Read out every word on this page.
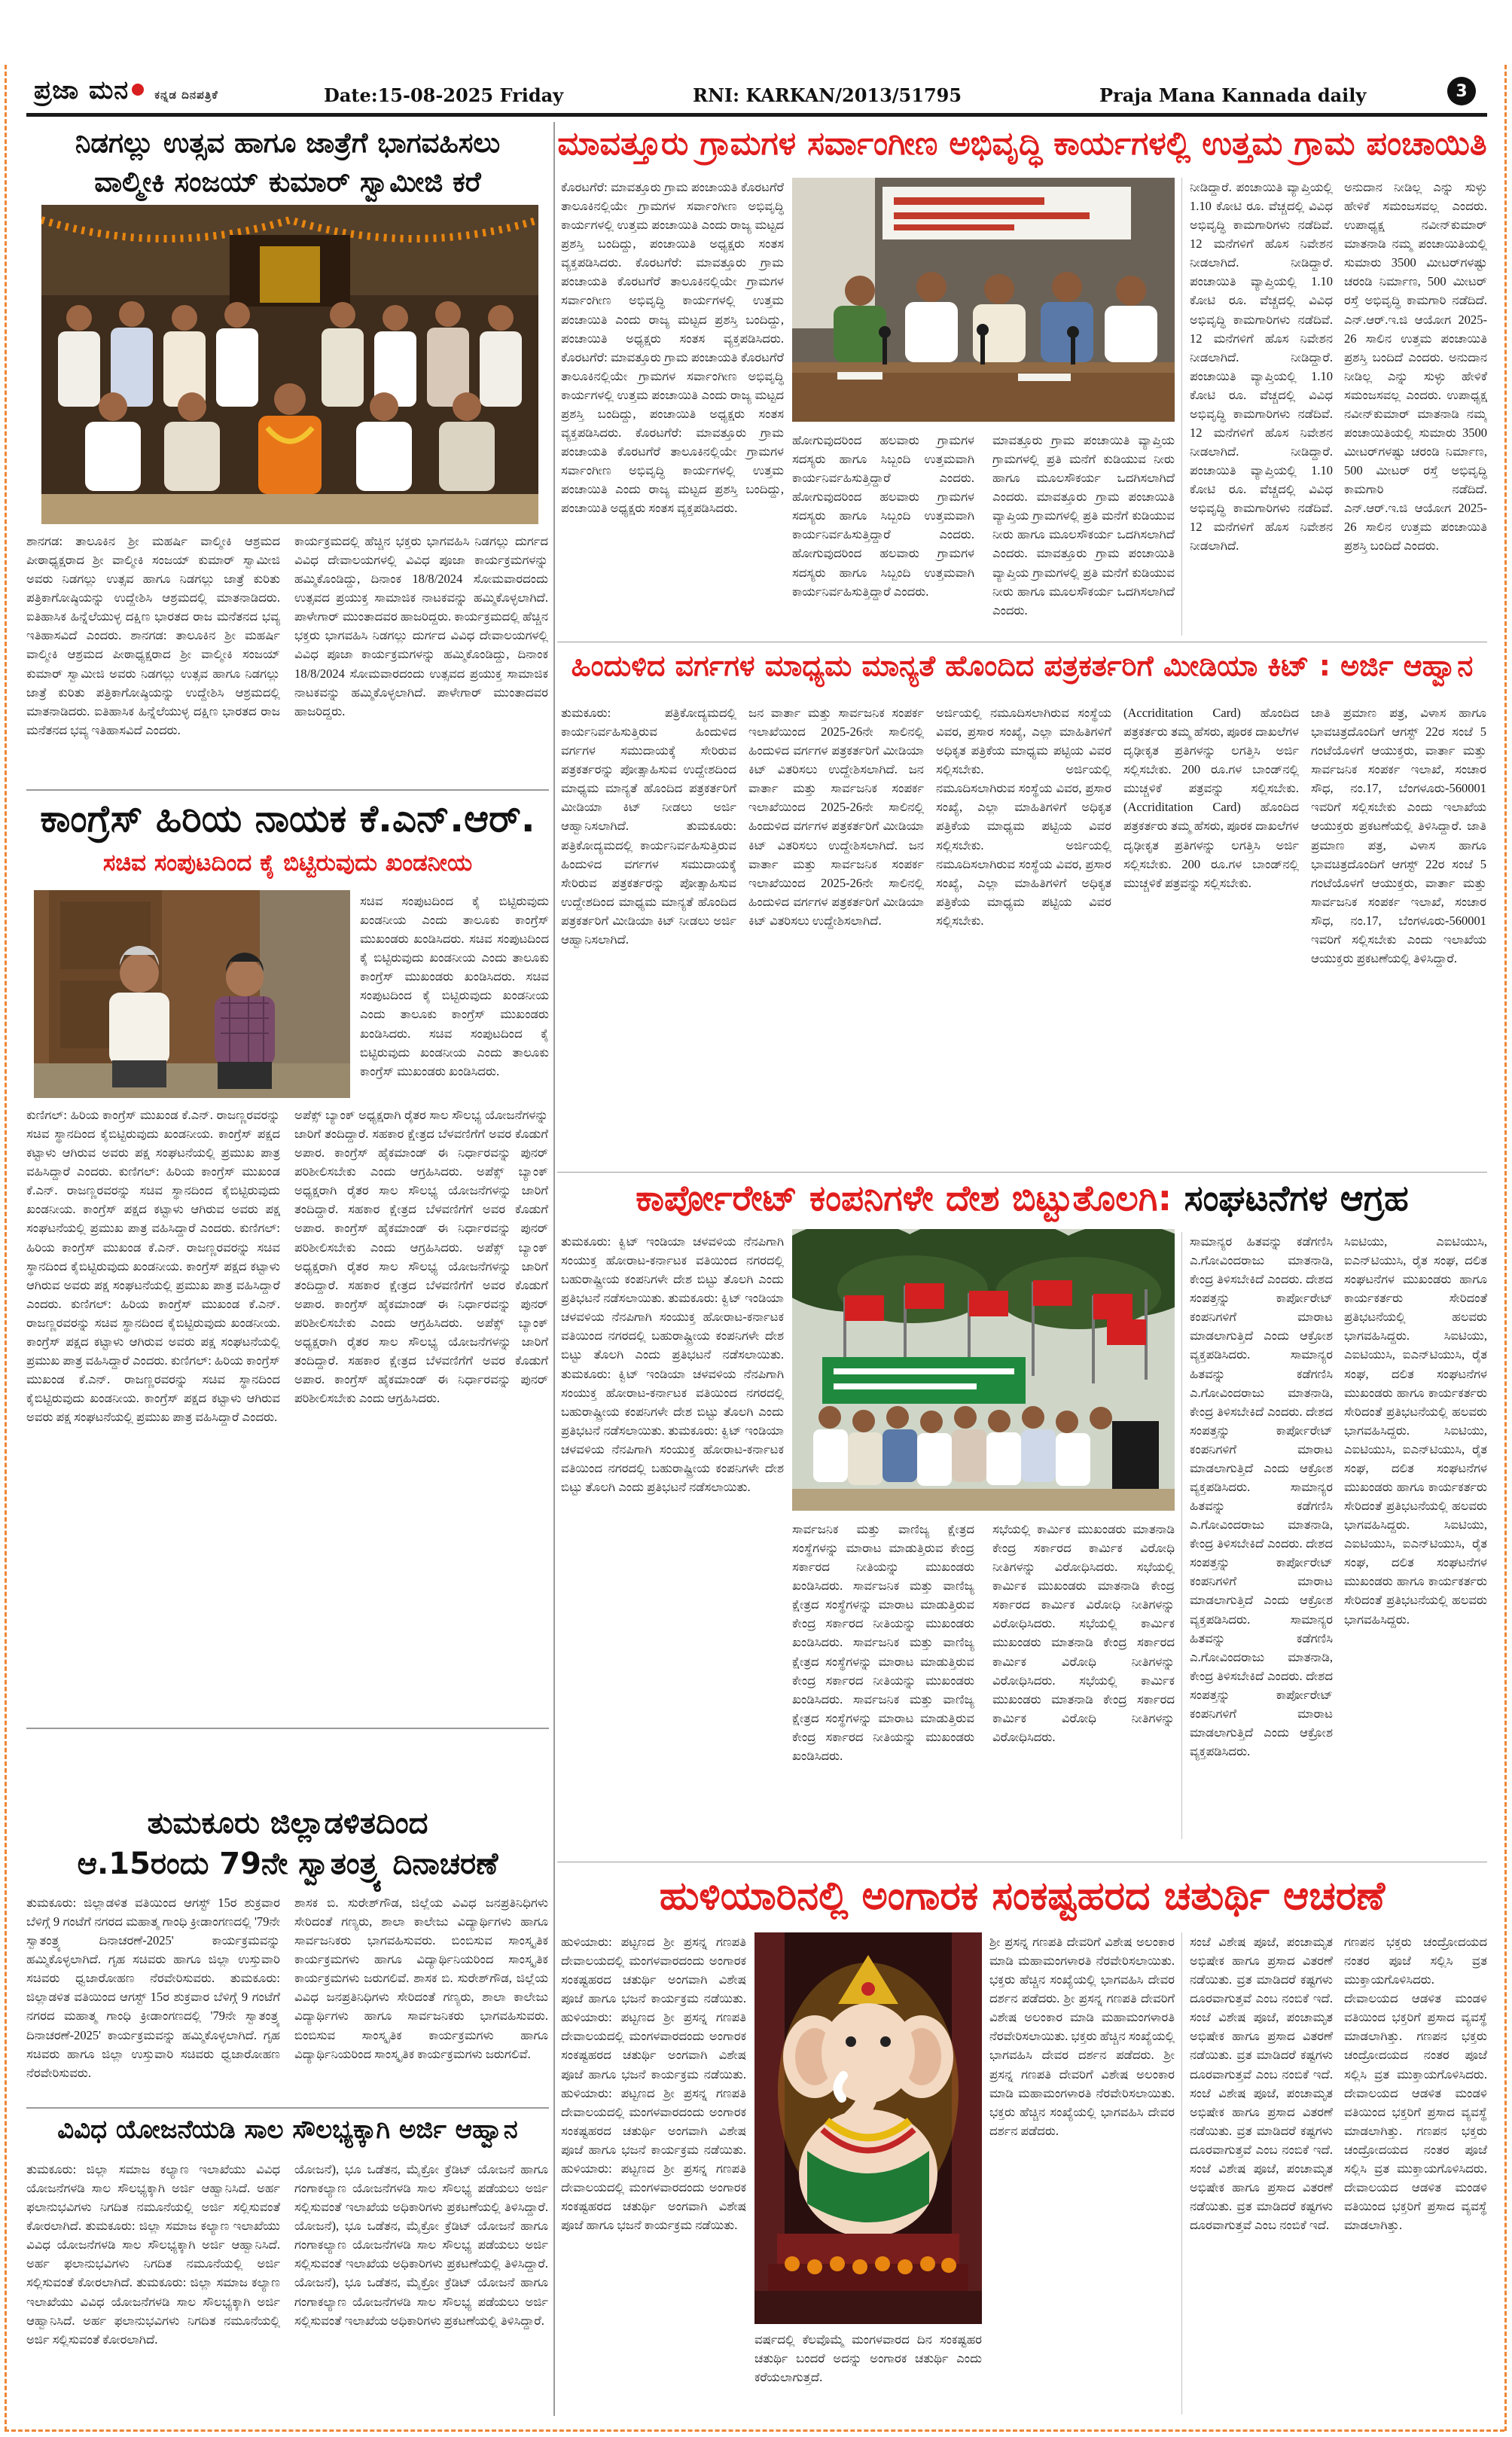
ಪ್ರಜಾ ಮನ ಕನ್ನಡ ದಿನಪತ್ರಿಕೆ	Date:15-08-2025 Friday	RNI: KARKAN/2013/51795	Praja Mana Kannada daily	3
ನಿಡಗಲ್ಲು ಉತ್ಸವ ಹಾಗೂ ಜಾತ್ರೆಗೆ ಭಾಗವಹಿಸಲು
ವಾಲ್ಮೀಕಿ ಸಂಜಯ್ ಕುಮಾರ್ ಸ್ವಾಮೀಜಿ ಕರೆ
ಶಾನಗಡ: ತಾಲೂಕಿನ ಶ್ರೀ ಮಹರ್ಷಿ ವಾಲ್ಮೀಕಿ ಆಶ್ರಮದ ಪೀಠಾಧ್ಯಕ್ಷರಾದ ಶ್ರೀ ವಾಲ್ಮೀಕಿ ಸಂಜಯ್ ಕುಮಾರ್ ಸ್ವಾಮೀಜಿ ಅವರು ನಿಡಗಲ್ಲು ಉತ್ಸವ ಹಾಗೂ ನಿಡಗಲ್ಲು ಜಾತ್ರೆ ಕುರಿತು ಪತ್ರಿಕಾಗೋಷ್ಠಿಯನ್ನು ಉದ್ದೇಶಿಸಿ ಆಶ್ರಮದಲ್ಲಿ ಮಾತನಾಡಿದರು. ಐತಿಹಾಸಿಕ ಹಿನ್ನೆಲೆಯುಳ್ಳ ದಕ್ಷಿಣ ಭಾರತದ ರಾಜ ಮನೆತನದ ಭವ್ಯ ಇತಿಹಾಸವಿದೆ ಎಂದರು. ಶಾನಗಡ: ತಾಲೂಕಿನ ಶ್ರೀ ಮಹರ್ಷಿ ವಾಲ್ಮೀಕಿ ಆಶ್ರಮದ ಪೀಠಾಧ್ಯಕ್ಷರಾದ ಶ್ರೀ ವಾಲ್ಮೀಕಿ ಸಂಜಯ್ ಕುಮಾರ್ ಸ್ವಾಮೀಜಿ ಅವರು ನಿಡಗಲ್ಲು ಉತ್ಸವ ಹಾಗೂ ನಿಡಗಲ್ಲು ಜಾತ್ರೆ ಕುರಿತು ಪತ್ರಿಕಾಗೋಷ್ಠಿಯನ್ನು ಉದ್ದೇಶಿಸಿ ಆಶ್ರಮದಲ್ಲಿ ಮಾತನಾಡಿದರು. ಐತಿಹಾಸಿಕ ಹಿನ್ನೆಲೆಯುಳ್ಳ ದಕ್ಷಿಣ ಭಾರತದ ರಾಜ ಮನೆತನದ ಭವ್ಯ ಇತಿಹಾಸವಿದೆ ಎಂದರು.
ಕಾರ್ಯಕ್ರಮದಲ್ಲಿ ಹೆಚ್ಚಿನ ಭಕ್ತರು ಭಾಗವಹಿಸಿ ನಿಡಗಲ್ಲು ದುರ್ಗದ ವಿವಿಧ ದೇವಾಲಯಗಳಲ್ಲಿ ವಿವಿಧ ಪೂಜಾ ಕಾರ್ಯಕ್ರಮಗಳನ್ನು ಹಮ್ಮಿಕೊಂಡಿದ್ದು, ದಿನಾಂಕ 18/8/2024 ಸೋಮವಾರದಂದು ಉತ್ಸವದ ಪ್ರಯುಕ್ತ ಸಾಮಾಜಿಕ ನಾಟಕವನ್ನು ಹಮ್ಮಿಕೊಳ್ಳಲಾಗಿದೆ. ಪಾಳೇಗಾರ್ ಮುಂತಾದವರ ಹಾಜರಿದ್ದರು. ಕಾರ್ಯಕ್ರಮದಲ್ಲಿ ಹೆಚ್ಚಿನ ಭಕ್ತರು ಭಾಗವಹಿಸಿ ನಿಡಗಲ್ಲು ದುರ್ಗದ ವಿವಿಧ ದೇವಾಲಯಗಳಲ್ಲಿ ವಿವಿಧ ಪೂಜಾ ಕಾರ್ಯಕ್ರಮಗಳನ್ನು ಹಮ್ಮಿಕೊಂಡಿದ್ದು, ದಿನಾಂಕ 18/8/2024 ಸೋಮವಾರದಂದು ಉತ್ಸವದ ಪ್ರಯುಕ್ತ ಸಾಮಾಜಿಕ ನಾಟಕವನ್ನು ಹಮ್ಮಿಕೊಳ್ಳಲಾಗಿದೆ. ಪಾಳೇಗಾರ್ ಮುಂತಾದವರ ಹಾಜರಿದ್ದರು.
ಕಾಂಗ್ರೆಸ್ ಹಿರಿಯ ನಾಯಕ ಕೆ.ಎನ್.ಆರ್.
ಸಚಿವ ಸಂಪುಟದಿಂದ ಕೈ ಬಿಟ್ಟಿರುವುದು ಖಂಡನೀಯ
ಸಚಿವ ಸಂಪುಟದಿಂದ ಕೈ ಬಿಟ್ಟಿರುವುದು ಖಂಡನೀಯ ಎಂದು ತಾಲೂಕು ಕಾಂಗ್ರೆಸ್ ಮುಖಂಡರು ಖಂಡಿಸಿದರು. ಸಚಿವ ಸಂಪುಟದಿಂದ ಕೈ ಬಿಟ್ಟಿರುವುದು ಖಂಡನೀಯ ಎಂದು ತಾಲೂಕು ಕಾಂಗ್ರೆಸ್ ಮುಖಂಡರು ಖಂಡಿಸಿದರು. ಸಚಿವ ಸಂಪುಟದಿಂದ ಕೈ ಬಿಟ್ಟಿರುವುದು ಖಂಡನೀಯ ಎಂದು ತಾಲೂಕು ಕಾಂಗ್ರೆಸ್ ಮುಖಂಡರು ಖಂಡಿಸಿದರು. ಸಚಿವ ಸಂಪುಟದಿಂದ ಕೈ ಬಿಟ್ಟಿರುವುದು ಖಂಡನೀಯ ಎಂದು ತಾಲೂಕು ಕಾಂಗ್ರೆಸ್ ಮುಖಂಡರು ಖಂಡಿಸಿದರು.
ಕುಣಿಗಲ್: ಹಿರಿಯ ಕಾಂಗ್ರೆಸ್ ಮುಖಂಡ ಕೆ.ಎನ್. ರಾಜಣ್ಣರವರನ್ನು ಸಚಿವ ಸ್ಥಾನದಿಂದ ಕೈಬಿಟ್ಟಿರುವುದು ಖಂಡನೀಯ. ಕಾಂಗ್ರೆಸ್ ಪಕ್ಷದ ಕಟ್ಟಾಳು ಆಗಿರುವ ಅವರು ಪಕ್ಷ ಸಂಘಟನೆಯಲ್ಲಿ ಪ್ರಮುಖ ಪಾತ್ರ ವಹಿಸಿದ್ದಾರೆ ಎಂದರು. ಕುಣಿಗಲ್: ಹಿರಿಯ ಕಾಂಗ್ರೆಸ್ ಮುಖಂಡ ಕೆ.ಎನ್. ರಾಜಣ್ಣರವರನ್ನು ಸಚಿವ ಸ್ಥಾನದಿಂದ ಕೈಬಿಟ್ಟಿರುವುದು ಖಂಡನೀಯ. ಕಾಂಗ್ರೆಸ್ ಪಕ್ಷದ ಕಟ್ಟಾಳು ಆಗಿರುವ ಅವರು ಪಕ್ಷ ಸಂಘಟನೆಯಲ್ಲಿ ಪ್ರಮುಖ ಪಾತ್ರ ವಹಿಸಿದ್ದಾರೆ ಎಂದರು. ಕುಣಿಗಲ್: ಹಿರಿಯ ಕಾಂಗ್ರೆಸ್ ಮುಖಂಡ ಕೆ.ಎನ್. ರಾಜಣ್ಣರವರನ್ನು ಸಚಿವ ಸ್ಥಾನದಿಂದ ಕೈಬಿಟ್ಟಿರುವುದು ಖಂಡನೀಯ. ಕಾಂಗ್ರೆಸ್ ಪಕ್ಷದ ಕಟ್ಟಾಳು ಆಗಿರುವ ಅವರು ಪಕ್ಷ ಸಂಘಟನೆಯಲ್ಲಿ ಪ್ರಮುಖ ಪಾತ್ರ ವಹಿಸಿದ್ದಾರೆ ಎಂದರು. ಕುಣಿಗಲ್: ಹಿರಿಯ ಕಾಂಗ್ರೆಸ್ ಮುಖಂಡ ಕೆ.ಎನ್. ರಾಜಣ್ಣರವರನ್ನು ಸಚಿವ ಸ್ಥಾನದಿಂದ ಕೈಬಿಟ್ಟಿರುವುದು ಖಂಡನೀಯ. ಕಾಂಗ್ರೆಸ್ ಪಕ್ಷದ ಕಟ್ಟಾಳು ಆಗಿರುವ ಅವರು ಪಕ್ಷ ಸಂಘಟನೆಯಲ್ಲಿ ಪ್ರಮುಖ ಪಾತ್ರ ವಹಿಸಿದ್ದಾರೆ ಎಂದರು. ಕುಣಿಗಲ್: ಹಿರಿಯ ಕಾಂಗ್ರೆಸ್ ಮುಖಂಡ ಕೆ.ಎನ್. ರಾಜಣ್ಣರವರನ್ನು ಸಚಿವ ಸ್ಥಾನದಿಂದ ಕೈಬಿಟ್ಟಿರುವುದು ಖಂಡನೀಯ. ಕಾಂಗ್ರೆಸ್ ಪಕ್ಷದ ಕಟ್ಟಾಳು ಆಗಿರುವ ಅವರು ಪಕ್ಷ ಸಂಘಟನೆಯಲ್ಲಿ ಪ್ರಮುಖ ಪಾತ್ರ ವಹಿಸಿದ್ದಾರೆ ಎಂದರು.
ಅಪೆಕ್ಸ್ ಬ್ಯಾಂಕ್ ಅಧ್ಯಕ್ಷರಾಗಿ ರೈತರ ಸಾಲ ಸೌಲಭ್ಯ ಯೋಜನೆಗಳನ್ನು ಜಾರಿಗೆ ತಂದಿದ್ದಾರೆ. ಸಹಕಾರ ಕ್ಷೇತ್ರದ ಬೆಳವಣಿಗೆಗೆ ಅವರ ಕೊಡುಗೆ ಅಪಾರ. ಕಾಂಗ್ರೆಸ್ ಹೈಕಮಾಂಡ್ ಈ ನಿರ್ಧಾರವನ್ನು ಪುನರ್ ಪರಿಶೀಲಿಸಬೇಕು ಎಂದು ಆಗ್ರಹಿಸಿದರು. ಅಪೆಕ್ಸ್ ಬ್ಯಾಂಕ್ ಅಧ್ಯಕ್ಷರಾಗಿ ರೈತರ ಸಾಲ ಸೌಲಭ್ಯ ಯೋಜನೆಗಳನ್ನು ಜಾರಿಗೆ ತಂದಿದ್ದಾರೆ. ಸಹಕಾರ ಕ್ಷೇತ್ರದ ಬೆಳವಣಿಗೆಗೆ ಅವರ ಕೊಡುಗೆ ಅಪಾರ. ಕಾಂಗ್ರೆಸ್ ಹೈಕಮಾಂಡ್ ಈ ನಿರ್ಧಾರವನ್ನು ಪುನರ್ ಪರಿಶೀಲಿಸಬೇಕು ಎಂದು ಆಗ್ರಹಿಸಿದರು. ಅಪೆಕ್ಸ್ ಬ್ಯಾಂಕ್ ಅಧ್ಯಕ್ಷರಾಗಿ ರೈತರ ಸಾಲ ಸೌಲಭ್ಯ ಯೋಜನೆಗಳನ್ನು ಜಾರಿಗೆ ತಂದಿದ್ದಾರೆ. ಸಹಕಾರ ಕ್ಷೇತ್ರದ ಬೆಳವಣಿಗೆಗೆ ಅವರ ಕೊಡುಗೆ ಅಪಾರ. ಕಾಂಗ್ರೆಸ್ ಹೈಕಮಾಂಡ್ ಈ ನಿರ್ಧಾರವನ್ನು ಪುನರ್ ಪರಿಶೀಲಿಸಬೇಕು ಎಂದು ಆಗ್ರಹಿಸಿದರು. ಅಪೆಕ್ಸ್ ಬ್ಯಾಂಕ್ ಅಧ್ಯಕ್ಷರಾಗಿ ರೈತರ ಸಾಲ ಸೌಲಭ್ಯ ಯೋಜನೆಗಳನ್ನು ಜಾರಿಗೆ ತಂದಿದ್ದಾರೆ. ಸಹಕಾರ ಕ್ಷೇತ್ರದ ಬೆಳವಣಿಗೆಗೆ ಅವರ ಕೊಡುಗೆ ಅಪಾರ. ಕಾಂಗ್ರೆಸ್ ಹೈಕಮಾಂಡ್ ಈ ನಿರ್ಧಾರವನ್ನು ಪುನರ್ ಪರಿಶೀಲಿಸಬೇಕು ಎಂದು ಆಗ್ರಹಿಸಿದರು.
ತುಮಕೂರು ಜಿಲ್ಲಾಡಳಿತದಿಂದ
ಆ.15ರಂದು 79ನೇ ಸ್ವಾತಂತ್ರ್ಯ ದಿನಾಚರಣೆ
ತುಮಕೂರು: ಜಿಲ್ಲಾಡಳಿತ ವತಿಯಿಂದ ಆಗಸ್ಟ್ 15ರ ಶುಕ್ರವಾರ ಬೆಳಿಗ್ಗೆ 9 ಗಂಟೆಗೆ ನಗರದ ಮಹಾತ್ಮ ಗಾಂಧಿ ಕ್ರೀಡಾಂಗಣದಲ್ಲಿ '79ನೇ ಸ್ವಾತಂತ್ರ್ಯ ದಿನಾಚರಣೆ-2025' ಕಾರ್ಯಕ್ರಮವನ್ನು ಹಮ್ಮಿಕೊಳ್ಳಲಾಗಿದೆ. ಗೃಹ ಸಚಿವರು ಹಾಗೂ ಜಿಲ್ಲಾ ಉಸ್ತುವಾರಿ ಸಚಿವರು ಧ್ವಜಾರೋಹಣ ನೆರವೇರಿಸುವರು. ತುಮಕೂರು: ಜಿಲ್ಲಾಡಳಿತ ವತಿಯಿಂದ ಆಗಸ್ಟ್ 15ರ ಶುಕ್ರವಾರ ಬೆಳಿಗ್ಗೆ 9 ಗಂಟೆಗೆ ನಗರದ ಮಹಾತ್ಮ ಗಾಂಧಿ ಕ್ರೀಡಾಂಗಣದಲ್ಲಿ '79ನೇ ಸ್ವಾತಂತ್ರ್ಯ ದಿನಾಚರಣೆ-2025' ಕಾರ್ಯಕ್ರಮವನ್ನು ಹಮ್ಮಿಕೊಳ್ಳಲಾಗಿದೆ. ಗೃಹ ಸಚಿವರು ಹಾಗೂ ಜಿಲ್ಲಾ ಉಸ್ತುವಾರಿ ಸಚಿವರು ಧ್ವಜಾರೋಹಣ ನೆರವೇರಿಸುವರು.
ಶಾಸಕ ಬಿ. ಸುರೇಶ್‌ಗೌಡ, ಜಿಲ್ಲೆಯ ವಿವಿಧ ಜನಪ್ರತಿನಿಧಿಗಳು ಸೇರಿದಂತೆ ಗಣ್ಯರು, ಶಾಲಾ ಕಾಲೇಜು ವಿದ್ಯಾರ್ಥಿಗಳು ಹಾಗೂ ಸಾರ್ವಜನಿಕರು ಭಾಗವಹಿಸುವರು. ಬಿಂಬಿಸುವ ಸಾಂಸ್ಕೃತಿಕ ಕಾರ್ಯಕ್ರಮಗಳು ಹಾಗೂ ವಿದ್ಯಾರ್ಥಿನಿಯರಿಂದ ಸಾಂಸ್ಕೃತಿಕ ಕಾರ್ಯಕ್ರಮಗಳು ಜರುಗಲಿವೆ. ಶಾಸಕ ಬಿ. ಸುರೇಶ್‌ಗೌಡ, ಜಿಲ್ಲೆಯ ವಿವಿಧ ಜನಪ್ರತಿನಿಧಿಗಳು ಸೇರಿದಂತೆ ಗಣ್ಯರು, ಶಾಲಾ ಕಾಲೇಜು ವಿದ್ಯಾರ್ಥಿಗಳು ಹಾಗೂ ಸಾರ್ವಜನಿಕರು ಭಾಗವಹಿಸುವರು. ಬಿಂಬಿಸುವ ಸಾಂಸ್ಕೃತಿಕ ಕಾರ್ಯಕ್ರಮಗಳು ಹಾಗೂ ವಿದ್ಯಾರ್ಥಿನಿಯರಿಂದ ಸಾಂಸ್ಕೃತಿಕ ಕಾರ್ಯಕ್ರಮಗಳು ಜರುಗಲಿವೆ.
ವಿವಿಧ ಯೋಜನೆಯಡಿ ಸಾಲ ಸೌಲಭ್ಯಕ್ಕಾಗಿ ಅರ್ಜಿ ಆಹ್ವಾನ
ತುಮಕೂರು: ಜಿಲ್ಲಾ ಸಮಾಜ ಕಲ್ಯಾಣ ಇಲಾಖೆಯು ವಿವಿಧ ಯೋಜನೆಗಳಡಿ ಸಾಲ ಸೌಲಭ್ಯಕ್ಕಾಗಿ ಅರ್ಜಿ ಆಹ್ವಾನಿಸಿದೆ. ಅರ್ಹ ಫಲಾನುಭವಿಗಳು ನಿಗದಿತ ನಮೂನೆಯಲ್ಲಿ ಅರ್ಜಿ ಸಲ್ಲಿಸುವಂತೆ ಕೋರಲಾಗಿದೆ. ತುಮಕೂರು: ಜಿಲ್ಲಾ ಸಮಾಜ ಕಲ್ಯಾಣ ಇಲಾಖೆಯು ವಿವಿಧ ಯೋಜನೆಗಳಡಿ ಸಾಲ ಸೌಲಭ್ಯಕ್ಕಾಗಿ ಅರ್ಜಿ ಆಹ್ವಾನಿಸಿದೆ. ಅರ್ಹ ಫಲಾನುಭವಿಗಳು ನಿಗದಿತ ನಮೂನೆಯಲ್ಲಿ ಅರ್ಜಿ ಸಲ್ಲಿಸುವಂತೆ ಕೋರಲಾಗಿದೆ. ತುಮಕೂರು: ಜಿಲ್ಲಾ ಸಮಾಜ ಕಲ್ಯಾಣ ಇಲಾಖೆಯು ವಿವಿಧ ಯೋಜನೆಗಳಡಿ ಸಾಲ ಸೌಲಭ್ಯಕ್ಕಾಗಿ ಅರ್ಜಿ ಆಹ್ವಾನಿಸಿದೆ. ಅರ್ಹ ಫಲಾನುಭವಿಗಳು ನಿಗದಿತ ನಮೂನೆಯಲ್ಲಿ ಅರ್ಜಿ ಸಲ್ಲಿಸುವಂತೆ ಕೋರಲಾಗಿದೆ.
ಯೋಜನೆ), ಭೂ ಒಡೆತನ, ಮೈಕ್ರೋ ಕ್ರೆಡಿಟ್ ಯೋಜನೆ ಹಾಗೂ ಗಂಗಾಕಲ್ಯಾಣ ಯೋಜನೆಗಳಡಿ ಸಾಲ ಸೌಲಭ್ಯ ಪಡೆಯಲು ಅರ್ಜಿ ಸಲ್ಲಿಸುವಂತೆ ಇಲಾಖೆಯ ಅಧಿಕಾರಿಗಳು ಪ್ರಕಟಣೆಯಲ್ಲಿ ತಿಳಿಸಿದ್ದಾರೆ. ಯೋಜನೆ), ಭೂ ಒಡೆತನ, ಮೈಕ್ರೋ ಕ್ರೆಡಿಟ್ ಯೋಜನೆ ಹಾಗೂ ಗಂಗಾಕಲ್ಯಾಣ ಯೋಜನೆಗಳಡಿ ಸಾಲ ಸೌಲಭ್ಯ ಪಡೆಯಲು ಅರ್ಜಿ ಸಲ್ಲಿಸುವಂತೆ ಇಲಾಖೆಯ ಅಧಿಕಾರಿಗಳು ಪ್ರಕಟಣೆಯಲ್ಲಿ ತಿಳಿಸಿದ್ದಾರೆ. ಯೋಜನೆ), ಭೂ ಒಡೆತನ, ಮೈಕ್ರೋ ಕ್ರೆಡಿಟ್ ಯೋಜನೆ ಹಾಗೂ ಗಂಗಾಕಲ್ಯಾಣ ಯೋಜನೆಗಳಡಿ ಸಾಲ ಸೌಲಭ್ಯ ಪಡೆಯಲು ಅರ್ಜಿ ಸಲ್ಲಿಸುವಂತೆ ಇಲಾಖೆಯ ಅಧಿಕಾರಿಗಳು ಪ್ರಕಟಣೆಯಲ್ಲಿ ತಿಳಿಸಿದ್ದಾರೆ.
ಮಾವತ್ತೂರು ಗ್ರಾಮಗಳ ಸರ್ವಾಂಗೀಣ ಅಭಿವೃದ್ಧಿ ಕಾರ್ಯಗಳಲ್ಲಿ ಉತ್ತಮ ಗ್ರಾಮ ಪಂಚಾಯಿತಿ
ಕೊರಟಗೆರೆ: ಮಾವತ್ತೂರು ಗ್ರಾಮ ಪಂಚಾಯತಿ ಕೊರಟಗೆರೆ ತಾಲೂಕಿನಲ್ಲಿಯೇ ಗ್ರಾಮಗಳ ಸರ್ವಾಂಗೀಣ ಅಭಿವೃದ್ಧಿ ಕಾರ್ಯಗಳಲ್ಲಿ ಉತ್ತಮ ಪಂಚಾಯಿತಿ ಎಂದು ರಾಜ್ಯ ಮಟ್ಟದ ಪ್ರಶಸ್ತಿ ಬಂದಿದ್ದು, ಪಂಚಾಯಿತಿ ಅಧ್ಯಕ್ಷರು ಸಂತಸ ವ್ಯಕ್ತಪಡಿಸಿದರು. ಕೊರಟಗೆರೆ: ಮಾವತ್ತೂರು ಗ್ರಾಮ ಪಂಚಾಯತಿ ಕೊರಟಗೆರೆ ತಾಲೂಕಿನಲ್ಲಿಯೇ ಗ್ರಾಮಗಳ ಸರ್ವಾಂಗೀಣ ಅಭಿವೃದ್ಧಿ ಕಾರ್ಯಗಳಲ್ಲಿ ಉತ್ತಮ ಪಂಚಾಯಿತಿ ಎಂದು ರಾಜ್ಯ ಮಟ್ಟದ ಪ್ರಶಸ್ತಿ ಬಂದಿದ್ದು, ಪಂಚಾಯಿತಿ ಅಧ್ಯಕ್ಷರು ಸಂತಸ ವ್ಯಕ್ತಪಡಿಸಿದರು. ಕೊರಟಗೆರೆ: ಮಾವತ್ತೂರು ಗ್ರಾಮ ಪಂಚಾಯತಿ ಕೊರಟಗೆರೆ ತಾಲೂಕಿನಲ್ಲಿಯೇ ಗ್ರಾಮಗಳ ಸರ್ವಾಂಗೀಣ ಅಭಿವೃದ್ಧಿ ಕಾರ್ಯಗಳಲ್ಲಿ ಉತ್ತಮ ಪಂಚಾಯಿತಿ ಎಂದು ರಾಜ್ಯ ಮಟ್ಟದ ಪ್ರಶಸ್ತಿ ಬಂದಿದ್ದು, ಪಂಚಾಯಿತಿ ಅಧ್ಯಕ್ಷರು ಸಂತಸ ವ್ಯಕ್ತಪಡಿಸಿದರು. ಕೊರಟಗೆರೆ: ಮಾವತ್ತೂರು ಗ್ರಾಮ ಪಂಚಾಯತಿ ಕೊರಟಗೆರೆ ತಾಲೂಕಿನಲ್ಲಿಯೇ ಗ್ರಾಮಗಳ ಸರ್ವಾಂಗೀಣ ಅಭಿವೃದ್ಧಿ ಕಾರ್ಯಗಳಲ್ಲಿ ಉತ್ತಮ ಪಂಚಾಯಿತಿ ಎಂದು ರಾಜ್ಯ ಮಟ್ಟದ ಪ್ರಶಸ್ತಿ ಬಂದಿದ್ದು, ಪಂಚಾಯಿತಿ ಅಧ್ಯಕ್ಷರು ಸಂತಸ ವ್ಯಕ್ತಪಡಿಸಿದರು.
ಹೋಗುವುದರಿಂದ ಹಲವಾರು ಗ್ರಾಮಗಳ ಸದಸ್ಯರು ಹಾಗೂ ಸಿಬ್ಬಂದಿ ಉತ್ತಮವಾಗಿ ಕಾರ್ಯನಿರ್ವಹಿಸುತ್ತಿದ್ದಾರೆ ಎಂದರು. ಹೋಗುವುದರಿಂದ ಹಲವಾರು ಗ್ರಾಮಗಳ ಸದಸ್ಯರು ಹಾಗೂ ಸಿಬ್ಬಂದಿ ಉತ್ತಮವಾಗಿ ಕಾರ್ಯನಿರ್ವಹಿಸುತ್ತಿದ್ದಾರೆ ಎಂದರು. ಹೋಗುವುದರಿಂದ ಹಲವಾರು ಗ್ರಾಮಗಳ ಸದಸ್ಯರು ಹಾಗೂ ಸಿಬ್ಬಂದಿ ಉತ್ತಮವಾಗಿ ಕಾರ್ಯನಿರ್ವಹಿಸುತ್ತಿದ್ದಾರೆ ಎಂದರು.
ಮಾವತ್ತೂರು ಗ್ರಾಮ ಪಂಚಾಯಿತಿ ವ್ಯಾಪ್ತಿಯ ಗ್ರಾಮಗಳಲ್ಲಿ ಪ್ರತಿ ಮನೆಗೆ ಕುಡಿಯುವ ನೀರು ಹಾಗೂ ಮೂಲಸೌಕರ್ಯ ಒದಗಿಸಲಾಗಿದೆ ಎಂದರು. ಮಾವತ್ತೂರು ಗ್ರಾಮ ಪಂಚಾಯಿತಿ ವ್ಯಾಪ್ತಿಯ ಗ್ರಾಮಗಳಲ್ಲಿ ಪ್ರತಿ ಮನೆಗೆ ಕುಡಿಯುವ ನೀರು ಹಾಗೂ ಮೂಲಸೌಕರ್ಯ ಒದಗಿಸಲಾಗಿದೆ ಎಂದರು. ಮಾವತ್ತೂರು ಗ್ರಾಮ ಪಂಚಾಯಿತಿ ವ್ಯಾಪ್ತಿಯ ಗ್ರಾಮಗಳಲ್ಲಿ ಪ್ರತಿ ಮನೆಗೆ ಕುಡಿಯುವ ನೀರು ಹಾಗೂ ಮೂಲಸೌಕರ್ಯ ಒದಗಿಸಲಾಗಿದೆ ಎಂದರು.
ನೀಡಿದ್ದಾರೆ. ಪಂಚಾಯಿತಿ ವ್ಯಾಪ್ತಿಯಲ್ಲಿ 1.10 ಕೋಟಿ ರೂ. ವೆಚ್ಚದಲ್ಲಿ ವಿವಿಧ ಅಭಿವೃದ್ಧಿ ಕಾಮಗಾರಿಗಳು ನಡೆದಿವೆ. 12 ಮನೆಗಳಿಗೆ ಹೊಸ ನಿವೇಶನ ನೀಡಲಾಗಿದೆ. ನೀಡಿದ್ದಾರೆ. ಪಂಚಾಯಿತಿ ವ್ಯಾಪ್ತಿಯಲ್ಲಿ 1.10 ಕೋಟಿ ರೂ. ವೆಚ್ಚದಲ್ಲಿ ವಿವಿಧ ಅಭಿವೃದ್ಧಿ ಕಾಮಗಾರಿಗಳು ನಡೆದಿವೆ. 12 ಮನೆಗಳಿಗೆ ಹೊಸ ನಿವೇಶನ ನೀಡಲಾಗಿದೆ. ನೀಡಿದ್ದಾರೆ. ಪಂಚಾಯಿತಿ ವ್ಯಾಪ್ತಿಯಲ್ಲಿ 1.10 ಕೋಟಿ ರೂ. ವೆಚ್ಚದಲ್ಲಿ ವಿವಿಧ ಅಭಿವೃದ್ಧಿ ಕಾಮಗಾರಿಗಳು ನಡೆದಿವೆ. 12 ಮನೆಗಳಿಗೆ ಹೊಸ ನಿವೇಶನ ನೀಡಲಾಗಿದೆ. ನೀಡಿದ್ದಾರೆ. ಪಂಚಾಯಿತಿ ವ್ಯಾಪ್ತಿಯಲ್ಲಿ 1.10 ಕೋಟಿ ರೂ. ವೆಚ್ಚದಲ್ಲಿ ವಿವಿಧ ಅಭಿವೃದ್ಧಿ ಕಾಮಗಾರಿಗಳು ನಡೆದಿವೆ. 12 ಮನೆಗಳಿಗೆ ಹೊಸ ನಿವೇಶನ ನೀಡಲಾಗಿದೆ.
ಅನುದಾನ ನೀಡಿಲ್ಲ ಎನ್ನು ಸುಳ್ಳು ಹೇಳಿಕೆ ಸಮಂಜಸವಲ್ಲ ಎಂದರು. ಉಪಾಧ್ಯಕ್ಷ ನವೀನ್‌ಕುಮಾರ್ ಮಾತನಾಡಿ ನಮ್ಮ ಪಂಚಾಯಿತಿಯಲ್ಲಿ ಸುಮಾರು 3500 ಮೀಟರ್‌ಗಳಷ್ಟು ಚರಂಡಿ ನಿರ್ಮಾಣ, 500 ಮೀಟರ್ ರಸ್ತೆ ಅಭಿವೃದ್ಧಿ ಕಾಮಗಾರಿ ನಡೆದಿದೆ. ಎನ್.ಆರ್.ಇ.ಜಿ ಆಯೋಗ 2025-26 ಸಾಲಿನ ಉತ್ತಮ ಪಂಚಾಯಿತಿ ಪ್ರಶಸ್ತಿ ಬಂದಿದೆ ಎಂದರು. ಅನುದಾನ ನೀಡಿಲ್ಲ ಎನ್ನು ಸುಳ್ಳು ಹೇಳಿಕೆ ಸಮಂಜಸವಲ್ಲ ಎಂದರು. ಉಪಾಧ್ಯಕ್ಷ ನವೀನ್‌ಕುಮಾರ್ ಮಾತನಾಡಿ ನಮ್ಮ ಪಂಚಾಯಿತಿಯಲ್ಲಿ ಸುಮಾರು 3500 ಮೀಟರ್‌ಗಳಷ್ಟು ಚರಂಡಿ ನಿರ್ಮಾಣ, 500 ಮೀಟರ್ ರಸ್ತೆ ಅಭಿವೃದ್ಧಿ ಕಾಮಗಾರಿ ನಡೆದಿದೆ. ಎನ್.ಆರ್.ಇ.ಜಿ ಆಯೋಗ 2025-26 ಸಾಲಿನ ಉತ್ತಮ ಪಂಚಾಯಿತಿ ಪ್ರಶಸ್ತಿ ಬಂದಿದೆ ಎಂದರು.
ಹಿಂದುಳಿದ ವರ್ಗಗಳ ಮಾಧ್ಯಮ ಮಾನ್ಯತೆ ಹೊಂದಿದ ಪತ್ರಕರ್ತರಿಗೆ ಮೀಡಿಯಾ ಕಿಟ್ : ಅರ್ಜಿ ಆಹ್ವಾನ
ತುಮಕೂರು: ಪತ್ರಿಕೋದ್ಯಮದಲ್ಲಿ ಕಾರ್ಯನಿರ್ವಹಿಸುತ್ತಿರುವ ಹಿಂದುಳಿದ ವರ್ಗಗಳ ಸಮುದಾಯಕ್ಕೆ ಸೇರಿರುವ ಪತ್ರಕರ್ತರನ್ನು ಪೋತ್ಸಾಹಿಸುವ ಉದ್ದೇಶದಿಂದ ಮಾಧ್ಯಮ ಮಾನ್ಯತೆ ಹೊಂದಿದ ಪತ್ರಕರ್ತರಿಗೆ ಮೀಡಿಯಾ ಕಿಟ್ ನೀಡಲು ಅರ್ಜಿ ಆಹ್ವಾನಿಸಲಾಗಿದೆ. ತುಮಕೂರು: ಪತ್ರಿಕೋದ್ಯಮದಲ್ಲಿ ಕಾರ್ಯನಿರ್ವಹಿಸುತ್ತಿರುವ ಹಿಂದುಳಿದ ವರ್ಗಗಳ ಸಮುದಾಯಕ್ಕೆ ಸೇರಿರುವ ಪತ್ರಕರ್ತರನ್ನು ಪೋತ್ಸಾಹಿಸುವ ಉದ್ದೇಶದಿಂದ ಮಾಧ್ಯಮ ಮಾನ್ಯತೆ ಹೊಂದಿದ ಪತ್ರಕರ್ತರಿಗೆ ಮೀಡಿಯಾ ಕಿಟ್ ನೀಡಲು ಅರ್ಜಿ ಆಹ್ವಾನಿಸಲಾಗಿದೆ.
ಜನ ವಾರ್ತಾ ಮತ್ತು ಸಾರ್ವಜನಿಕ ಸಂಪರ್ಕ ಇಲಾಖೆಯಿಂದ 2025-26ನೇ ಸಾಲಿನಲ್ಲಿ ಹಿಂದುಳಿದ ವರ್ಗಗಳ ಪತ್ರಕರ್ತರಿಗೆ ಮೀಡಿಯಾ ಕಿಟ್ ವಿತರಿಸಲು ಉದ್ದೇಶಿಸಲಾಗಿದೆ. ಜನ ವಾರ್ತಾ ಮತ್ತು ಸಾರ್ವಜನಿಕ ಸಂಪರ್ಕ ಇಲಾಖೆಯಿಂದ 2025-26ನೇ ಸಾಲಿನಲ್ಲಿ ಹಿಂದುಳಿದ ವರ್ಗಗಳ ಪತ್ರಕರ್ತರಿಗೆ ಮೀಡಿಯಾ ಕಿಟ್ ವಿತರಿಸಲು ಉದ್ದೇಶಿಸಲಾಗಿದೆ. ಜನ ವಾರ್ತಾ ಮತ್ತು ಸಾರ್ವಜನಿಕ ಸಂಪರ್ಕ ಇಲಾಖೆಯಿಂದ 2025-26ನೇ ಸಾಲಿನಲ್ಲಿ ಹಿಂದುಳಿದ ವರ್ಗಗಳ ಪತ್ರಕರ್ತರಿಗೆ ಮೀಡಿಯಾ ಕಿಟ್ ವಿತರಿಸಲು ಉದ್ದೇಶಿಸಲಾಗಿದೆ.
ಅರ್ಜಿಯಲ್ಲಿ ನಮೂದಿಸಲಾಗಿರುವ ಸಂಸ್ಥೆಯ ವಿವರ, ಪ್ರಸಾರ ಸಂಖ್ಯೆ, ಎಲ್ಲಾ ಮಾಹಿತಿಗಳಿಗೆ ಅಧಿಕೃತ ಪತ್ರಿಕೆಯ ಮಾಧ್ಯಮ ಪಟ್ಟಿಯ ವಿವರ ಸಲ್ಲಿಸಬೇಕು. ಅರ್ಜಿಯಲ್ಲಿ ನಮೂದಿಸಲಾಗಿರುವ ಸಂಸ್ಥೆಯ ವಿವರ, ಪ್ರಸಾರ ಸಂಖ್ಯೆ, ಎಲ್ಲಾ ಮಾಹಿತಿಗಳಿಗೆ ಅಧಿಕೃತ ಪತ್ರಿಕೆಯ ಮಾಧ್ಯಮ ಪಟ್ಟಿಯ ವಿವರ ಸಲ್ಲಿಸಬೇಕು. ಅರ್ಜಿಯಲ್ಲಿ ನಮೂದಿಸಲಾಗಿರುವ ಸಂಸ್ಥೆಯ ವಿವರ, ಪ್ರಸಾರ ಸಂಖ್ಯೆ, ಎಲ್ಲಾ ಮಾಹಿತಿಗಳಿಗೆ ಅಧಿಕೃತ ಪತ್ರಿಕೆಯ ಮಾಧ್ಯಮ ಪಟ್ಟಿಯ ವಿವರ ಸಲ್ಲಿಸಬೇಕು.
(Accriditation Card) ಹೊಂದಿದ ಪತ್ರಕರ್ತರು ತಮ್ಮ ಹೆಸರು, ಪೂರಕ ದಾಖಲೆಗಳ ದೃಢೀಕೃತ ಪ್ರತಿಗಳನ್ನು ಲಗತ್ತಿಸಿ ಅರ್ಜಿ ಸಲ್ಲಿಸಬೇಕು. 200 ರೂ.ಗಳ ಬಾಂಡ್‌ನಲ್ಲಿ ಮುಚ್ಚಳಿಕೆ ಪತ್ರವನ್ನು ಸಲ್ಲಿಸಬೇಕು. (Accriditation Card) ಹೊಂದಿದ ಪತ್ರಕರ್ತರು ತಮ್ಮ ಹೆಸರು, ಪೂರಕ ದಾಖಲೆಗಳ ದೃಢೀಕೃತ ಪ್ರತಿಗಳನ್ನು ಲಗತ್ತಿಸಿ ಅರ್ಜಿ ಸಲ್ಲಿಸಬೇಕು. 200 ರೂ.ಗಳ ಬಾಂಡ್‌ನಲ್ಲಿ ಮುಚ್ಚಳಿಕೆ ಪತ್ರವನ್ನು ಸಲ್ಲಿಸಬೇಕು.
ಜಾತಿ ಪ್ರಮಾಣ ಪತ್ರ, ವಿಳಾಸ ಹಾಗೂ ಭಾವಚಿತ್ರದೊಂದಿಗೆ ಆಗಸ್ಟ್ 22ರ ಸಂಜೆ 5 ಗಂಟೆಯೊಳಗೆ ಆಯುಕ್ತರು, ವಾರ್ತಾ ಮತ್ತು ಸಾರ್ವಜನಿಕ ಸಂಪರ್ಕ ಇಲಾಖೆ, ಸಂಚಾರ ಸೌಧ, ನಂ.17, ಬೆಂಗಳೂರು-560001 ಇವರಿಗೆ ಸಲ್ಲಿಸಬೇಕು ಎಂದು ಇಲಾಖೆಯ ಆಯುಕ್ತರು ಪ್ರಕಟಣೆಯಲ್ಲಿ ತಿಳಿಸಿದ್ದಾರೆ. ಜಾತಿ ಪ್ರಮಾಣ ಪತ್ರ, ವಿಳಾಸ ಹಾಗೂ ಭಾವಚಿತ್ರದೊಂದಿಗೆ ಆಗಸ್ಟ್ 22ರ ಸಂಜೆ 5 ಗಂಟೆಯೊಳಗೆ ಆಯುಕ್ತರು, ವಾರ್ತಾ ಮತ್ತು ಸಾರ್ವಜನಿಕ ಸಂಪರ್ಕ ಇಲಾಖೆ, ಸಂಚಾರ ಸೌಧ, ನಂ.17, ಬೆಂಗಳೂರು-560001 ಇವರಿಗೆ ಸಲ್ಲಿಸಬೇಕು ಎಂದು ಇಲಾಖೆಯ ಆಯುಕ್ತರು ಪ್ರಕಟಣೆಯಲ್ಲಿ ತಿಳಿಸಿದ್ದಾರೆ.
ಕಾರ್ಪೋರೇಟ್ ಕಂಪನಿಗಳೇ ದೇಶ ಬಿಟ್ಟುತೊಲಗಿ: ಸಂಘಟನೆಗಳ ಆಗ್ರಹ
ತುಮಕೂರು: ಕ್ವಿಟ್ ಇಂಡಿಯಾ ಚಳವಳಿಯ ನೆನಪಿಗಾಗಿ ಸಂಯುಕ್ತ ಹೋರಾಟ-ಕರ್ನಾಟಕ ವತಿಯಿಂದ ನಗರದಲ್ಲಿ ಬಹುರಾಷ್ಟ್ರೀಯ ಕಂಪನಿಗಳೇ ದೇಶ ಬಿಟ್ಟು ತೊಲಗಿ ಎಂದು ಪ್ರತಿಭಟನೆ ನಡೆಸಲಾಯಿತು. ತುಮಕೂರು: ಕ್ವಿಟ್ ಇಂಡಿಯಾ ಚಳವಳಿಯ ನೆನಪಿಗಾಗಿ ಸಂಯುಕ್ತ ಹೋರಾಟ-ಕರ್ನಾಟಕ ವತಿಯಿಂದ ನಗರದಲ್ಲಿ ಬಹುರಾಷ್ಟ್ರೀಯ ಕಂಪನಿಗಳೇ ದೇಶ ಬಿಟ್ಟು ತೊಲಗಿ ಎಂದು ಪ್ರತಿಭಟನೆ ನಡೆಸಲಾಯಿತು. ತುಮಕೂರು: ಕ್ವಿಟ್ ಇಂಡಿಯಾ ಚಳವಳಿಯ ನೆನಪಿಗಾಗಿ ಸಂಯುಕ್ತ ಹೋರಾಟ-ಕರ್ನಾಟಕ ವತಿಯಿಂದ ನಗರದಲ್ಲಿ ಬಹುರಾಷ್ಟ್ರೀಯ ಕಂಪನಿಗಳೇ ದೇಶ ಬಿಟ್ಟು ತೊಲಗಿ ಎಂದು ಪ್ರತಿಭಟನೆ ನಡೆಸಲಾಯಿತು. ತುಮಕೂರು: ಕ್ವಿಟ್ ಇಂಡಿಯಾ ಚಳವಳಿಯ ನೆನಪಿಗಾಗಿ ಸಂಯುಕ್ತ ಹೋರಾಟ-ಕರ್ನಾಟಕ ವತಿಯಿಂದ ನಗರದಲ್ಲಿ ಬಹುರಾಷ್ಟ್ರೀಯ ಕಂಪನಿಗಳೇ ದೇಶ ಬಿಟ್ಟು ತೊಲಗಿ ಎಂದು ಪ್ರತಿಭಟನೆ ನಡೆಸಲಾಯಿತು.
ಸಾರ್ವಜನಿಕ ಮತ್ತು ವಾಣಿಜ್ಯ ಕ್ಷೇತ್ರದ ಸಂಸ್ಥೆಗಳನ್ನು ಮಾರಾಟ ಮಾಡುತ್ತಿರುವ ಕೇಂದ್ರ ಸರ್ಕಾರದ ನೀತಿಯನ್ನು ಮುಖಂಡರು ಖಂಡಿಸಿದರು. ಸಾರ್ವಜನಿಕ ಮತ್ತು ವಾಣಿಜ್ಯ ಕ್ಷೇತ್ರದ ಸಂಸ್ಥೆಗಳನ್ನು ಮಾರಾಟ ಮಾಡುತ್ತಿರುವ ಕೇಂದ್ರ ಸರ್ಕಾರದ ನೀತಿಯನ್ನು ಮುಖಂಡರು ಖಂಡಿಸಿದರು. ಸಾರ್ವಜನಿಕ ಮತ್ತು ವಾಣಿಜ್ಯ ಕ್ಷೇತ್ರದ ಸಂಸ್ಥೆಗಳನ್ನು ಮಾರಾಟ ಮಾಡುತ್ತಿರುವ ಕೇಂದ್ರ ಸರ್ಕಾರದ ನೀತಿಯನ್ನು ಮುಖಂಡರು ಖಂಡಿಸಿದರು. ಸಾರ್ವಜನಿಕ ಮತ್ತು ವಾಣಿಜ್ಯ ಕ್ಷೇತ್ರದ ಸಂಸ್ಥೆಗಳನ್ನು ಮಾರಾಟ ಮಾಡುತ್ತಿರುವ ಕೇಂದ್ರ ಸರ್ಕಾರದ ನೀತಿಯನ್ನು ಮುಖಂಡರು ಖಂಡಿಸಿದರು.
ಸಭೆಯಲ್ಲಿ ಕಾರ್ಮಿಕ ಮುಖಂಡರು ಮಾತನಾಡಿ ಕೇಂದ್ರ ಸರ್ಕಾರದ ಕಾರ್ಮಿಕ ವಿರೋಧಿ ನೀತಿಗಳನ್ನು ವಿರೋಧಿಸಿದರು. ಸಭೆಯಲ್ಲಿ ಕಾರ್ಮಿಕ ಮುಖಂಡರು ಮಾತನಾಡಿ ಕೇಂದ್ರ ಸರ್ಕಾರದ ಕಾರ್ಮಿಕ ವಿರೋಧಿ ನೀತಿಗಳನ್ನು ವಿರೋಧಿಸಿದರು. ಸಭೆಯಲ್ಲಿ ಕಾರ್ಮಿಕ ಮುಖಂಡರು ಮಾತನಾಡಿ ಕೇಂದ್ರ ಸರ್ಕಾರದ ಕಾರ್ಮಿಕ ವಿರೋಧಿ ನೀತಿಗಳನ್ನು ವಿರೋಧಿಸಿದರು. ಸಭೆಯಲ್ಲಿ ಕಾರ್ಮಿಕ ಮುಖಂಡರು ಮಾತನಾಡಿ ಕೇಂದ್ರ ಸರ್ಕಾರದ ಕಾರ್ಮಿಕ ವಿರೋಧಿ ನೀತಿಗಳನ್ನು ವಿರೋಧಿಸಿದರು.
ಸಾಮಾನ್ಯರ ಹಿತವನ್ನು ಕಡೆಗಣಿಸಿ ಎ.ಗೋವಿಂದರಾಜು ಮಾತನಾಡಿ, ಕೇಂದ್ರ ತಿಳಿಸಬೇಕಿದೆ ಎಂದರು. ದೇಶದ ಸಂಪತ್ತನ್ನು ಕಾರ್ಪೋರೇಟ್ ಕಂಪನಿಗಳಿಗೆ ಮಾರಾಟ ಮಾಡಲಾಗುತ್ತಿದೆ ಎಂದು ಆಕ್ರೋಶ ವ್ಯಕ್ತಪಡಿಸಿದರು. ಸಾಮಾನ್ಯರ ಹಿತವನ್ನು ಕಡೆಗಣಿಸಿ ಎ.ಗೋವಿಂದರಾಜು ಮಾತನಾಡಿ, ಕೇಂದ್ರ ತಿಳಿಸಬೇಕಿದೆ ಎಂದರು. ದೇಶದ ಸಂಪತ್ತನ್ನು ಕಾರ್ಪೋರೇಟ್ ಕಂಪನಿಗಳಿಗೆ ಮಾರಾಟ ಮಾಡಲಾಗುತ್ತಿದೆ ಎಂದು ಆಕ್ರೋಶ ವ್ಯಕ್ತಪಡಿಸಿದರು. ಸಾಮಾನ್ಯರ ಹಿತವನ್ನು ಕಡೆಗಣಿಸಿ ಎ.ಗೋವಿಂದರಾಜು ಮಾತನಾಡಿ, ಕೇಂದ್ರ ತಿಳಿಸಬೇಕಿದೆ ಎಂದರು. ದೇಶದ ಸಂಪತ್ತನ್ನು ಕಾರ್ಪೋರೇಟ್ ಕಂಪನಿಗಳಿಗೆ ಮಾರಾಟ ಮಾಡಲಾಗುತ್ತಿದೆ ಎಂದು ಆಕ್ರೋಶ ವ್ಯಕ್ತಪಡಿಸಿದರು. ಸಾಮಾನ್ಯರ ಹಿತವನ್ನು ಕಡೆಗಣಿಸಿ ಎ.ಗೋವಿಂದರಾಜು ಮಾತನಾಡಿ, ಕೇಂದ್ರ ತಿಳಿಸಬೇಕಿದೆ ಎಂದರು. ದೇಶದ ಸಂಪತ್ತನ್ನು ಕಾರ್ಪೋರೇಟ್ ಕಂಪನಿಗಳಿಗೆ ಮಾರಾಟ ಮಾಡಲಾಗುತ್ತಿದೆ ಎಂದು ಆಕ್ರೋಶ ವ್ಯಕ್ತಪಡಿಸಿದರು.
ಸಿಐಟಿಯು, ಎಐಟಿಯುಸಿ, ಐಎನ್‌ಟಿಯುಸಿ, ರೈತ ಸಂಘ, ದಲಿತ ಸಂಘಟನೆಗಳ ಮುಖಂಡರು ಹಾಗೂ ಕಾರ್ಯಕರ್ತರು ಸೇರಿದಂತೆ ಪ್ರತಿಭಟನೆಯಲ್ಲಿ ಹಲವರು ಭಾಗವಹಿಸಿದ್ದರು. ಸಿಐಟಿಯು, ಎಐಟಿಯುಸಿ, ಐಎನ್‌ಟಿಯುಸಿ, ರೈತ ಸಂಘ, ದಲಿತ ಸಂಘಟನೆಗಳ ಮುಖಂಡರು ಹಾಗೂ ಕಾರ್ಯಕರ್ತರು ಸೇರಿದಂತೆ ಪ್ರತಿಭಟನೆಯಲ್ಲಿ ಹಲವರು ಭಾಗವಹಿಸಿದ್ದರು. ಸಿಐಟಿಯು, ಎಐಟಿಯುಸಿ, ಐಎನ್‌ಟಿಯುಸಿ, ರೈತ ಸಂಘ, ದಲಿತ ಸಂಘಟನೆಗಳ ಮುಖಂಡರು ಹಾಗೂ ಕಾರ್ಯಕರ್ತರು ಸೇರಿದಂತೆ ಪ್ರತಿಭಟನೆಯಲ್ಲಿ ಹಲವರು ಭಾಗವಹಿಸಿದ್ದರು. ಸಿಐಟಿಯು, ಎಐಟಿಯುಸಿ, ಐಎನ್‌ಟಿಯುಸಿ, ರೈತ ಸಂಘ, ದಲಿತ ಸಂಘಟನೆಗಳ ಮುಖಂಡರು ಹಾಗೂ ಕಾರ್ಯಕರ್ತರು ಸೇರಿದಂತೆ ಪ್ರತಿಭಟನೆಯಲ್ಲಿ ಹಲವರು ಭಾಗವಹಿಸಿದ್ದರು.
ಹುಳಿಯಾರಿನಲ್ಲಿ ಅಂಗಾರಕ ಸಂಕಷ್ಟಹರದ ಚತುರ್ಥಿ ಆಚರಣೆ
ಹುಳಿಯಾರು: ಪಟ್ಟಣದ ಶ್ರೀ ಪ್ರಸನ್ನ ಗಣಪತಿ ದೇವಾಲಯದಲ್ಲಿ ಮಂಗಳವಾರದಂದು ಅಂಗಾರಕ ಸಂಕಷ್ಟಹರದ ಚತುರ್ಥಿ ಅಂಗವಾಗಿ ವಿಶೇಷ ಪೂಜೆ ಹಾಗೂ ಭಜನೆ ಕಾರ್ಯಕ್ರಮ ನಡೆಯಿತು. ಹುಳಿಯಾರು: ಪಟ್ಟಣದ ಶ್ರೀ ಪ್ರಸನ್ನ ಗಣಪತಿ ದೇವಾಲಯದಲ್ಲಿ ಮಂಗಳವಾರದಂದು ಅಂಗಾರಕ ಸಂಕಷ್ಟಹರದ ಚತುರ್ಥಿ ಅಂಗವಾಗಿ ವಿಶೇಷ ಪೂಜೆ ಹಾಗೂ ಭಜನೆ ಕಾರ್ಯಕ್ರಮ ನಡೆಯಿತು. ಹುಳಿಯಾರು: ಪಟ್ಟಣದ ಶ್ರೀ ಪ್ರಸನ್ನ ಗಣಪತಿ ದೇವಾಲಯದಲ್ಲಿ ಮಂಗಳವಾರದಂದು ಅಂಗಾರಕ ಸಂಕಷ್ಟಹರದ ಚತುರ್ಥಿ ಅಂಗವಾಗಿ ವಿಶೇಷ ಪೂಜೆ ಹಾಗೂ ಭಜನೆ ಕಾರ್ಯಕ್ರಮ ನಡೆಯಿತು. ಹುಳಿಯಾರು: ಪಟ್ಟಣದ ಶ್ರೀ ಪ್ರಸನ್ನ ಗಣಪತಿ ದೇವಾಲಯದಲ್ಲಿ ಮಂಗಳವಾರದಂದು ಅಂಗಾರಕ ಸಂಕಷ್ಟಹರದ ಚತುರ್ಥಿ ಅಂಗವಾಗಿ ವಿಶೇಷ ಪೂಜೆ ಹಾಗೂ ಭಜನೆ ಕಾರ್ಯಕ್ರಮ ನಡೆಯಿತು.
ವರ್ಷದಲ್ಲಿ ಕೆಲವೊಮ್ಮೆ ಮಂಗಳವಾರದ ದಿನ ಸಂಕಷ್ಟಹರ ಚತುರ್ಥಿ ಬಂದರೆ ಅದನ್ನು ಅಂಗಾರಕ ಚತುರ್ಥಿ ಎಂದು ಕರೆಯಲಾಗುತ್ತದೆ.
ಶ್ರೀ ಪ್ರಸನ್ನ ಗಣಪತಿ ದೇವರಿಗೆ ವಿಶೇಷ ಅಲಂಕಾರ ಮಾಡಿ ಮಹಾಮಂಗಳಾರತಿ ನೆರವೇರಿಸಲಾಯಿತು. ಭಕ್ತರು ಹೆಚ್ಚಿನ ಸಂಖ್ಯೆಯಲ್ಲಿ ಭಾಗವಹಿಸಿ ದೇವರ ದರ್ಶನ ಪಡೆದರು. ಶ್ರೀ ಪ್ರಸನ್ನ ಗಣಪತಿ ದೇವರಿಗೆ ವಿಶೇಷ ಅಲಂಕಾರ ಮಾಡಿ ಮಹಾಮಂಗಳಾರತಿ ನೆರವೇರಿಸಲಾಯಿತು. ಭಕ್ತರು ಹೆಚ್ಚಿನ ಸಂಖ್ಯೆಯಲ್ಲಿ ಭಾಗವಹಿಸಿ ದೇವರ ದರ್ಶನ ಪಡೆದರು. ಶ್ರೀ ಪ್ರಸನ್ನ ಗಣಪತಿ ದೇವರಿಗೆ ವಿಶೇಷ ಅಲಂಕಾರ ಮಾಡಿ ಮಹಾಮಂಗಳಾರತಿ ನೆರವೇರಿಸಲಾಯಿತು. ಭಕ್ತರು ಹೆಚ್ಚಿನ ಸಂಖ್ಯೆಯಲ್ಲಿ ಭಾಗವಹಿಸಿ ದೇವರ ದರ್ಶನ ಪಡೆದರು.
ಸಂಜೆ ವಿಶೇಷ ಪೂಜೆ, ಪಂಚಾಮೃತ ಅಭಿಷೇಕ ಹಾಗೂ ಪ್ರಸಾದ ವಿತರಣೆ ನಡೆಯಿತು. ವ್ರತ ಮಾಡಿದರೆ ಕಷ್ಟಗಳು ದೂರವಾಗುತ್ತವೆ ಎಂಬ ನಂಬಿಕೆ ಇದೆ. ಸಂಜೆ ವಿಶೇಷ ಪೂಜೆ, ಪಂಚಾಮೃತ ಅಭಿಷೇಕ ಹಾಗೂ ಪ್ರಸಾದ ವಿತರಣೆ ನಡೆಯಿತು. ವ್ರತ ಮಾಡಿದರೆ ಕಷ್ಟಗಳು ದೂರವಾಗುತ್ತವೆ ಎಂಬ ನಂಬಿಕೆ ಇದೆ. ಸಂಜೆ ವಿಶೇಷ ಪೂಜೆ, ಪಂಚಾಮೃತ ಅಭಿಷೇಕ ಹಾಗೂ ಪ್ರಸಾದ ವಿತರಣೆ ನಡೆಯಿತು. ವ್ರತ ಮಾಡಿದರೆ ಕಷ್ಟಗಳು ದೂರವಾಗುತ್ತವೆ ಎಂಬ ನಂಬಿಕೆ ಇದೆ. ಸಂಜೆ ವಿಶೇಷ ಪೂಜೆ, ಪಂಚಾಮೃತ ಅಭಿಷೇಕ ಹಾಗೂ ಪ್ರಸಾದ ವಿತರಣೆ ನಡೆಯಿತು. ವ್ರತ ಮಾಡಿದರೆ ಕಷ್ಟಗಳು ದೂರವಾಗುತ್ತವೆ ಎಂಬ ನಂಬಿಕೆ ಇದೆ.
ಗಣಪನ ಭಕ್ತರು ಚಂದ್ರೋದಯದ ನಂತರ ಪೂಜೆ ಸಲ್ಲಿಸಿ ವ್ರತ ಮುಕ್ತಾಯಗೊಳಿಸಿದರು. ದೇವಾಲಯದ ಆಡಳಿತ ಮಂಡಳಿ ವತಿಯಿಂದ ಭಕ್ತರಿಗೆ ಪ್ರಸಾದ ವ್ಯವಸ್ಥೆ ಮಾಡಲಾಗಿತ್ತು. ಗಣಪನ ಭಕ್ತರು ಚಂದ್ರೋದಯದ ನಂತರ ಪೂಜೆ ಸಲ್ಲಿಸಿ ವ್ರತ ಮುಕ್ತಾಯಗೊಳಿಸಿದರು. ದೇವಾಲಯದ ಆಡಳಿತ ಮಂಡಳಿ ವತಿಯಿಂದ ಭಕ್ತರಿಗೆ ಪ್ರಸಾದ ವ್ಯವಸ್ಥೆ ಮಾಡಲಾಗಿತ್ತು. ಗಣಪನ ಭಕ್ತರು ಚಂದ್ರೋದಯದ ನಂತರ ಪೂಜೆ ಸಲ್ಲಿಸಿ ವ್ರತ ಮುಕ್ತಾಯಗೊಳಿಸಿದರು. ದೇವಾಲಯದ ಆಡಳಿತ ಮಂಡಳಿ ವತಿಯಿಂದ ಭಕ್ತರಿಗೆ ಪ್ರಸಾದ ವ್ಯವಸ್ಥೆ ಮಾಡಲಾಗಿತ್ತು.
